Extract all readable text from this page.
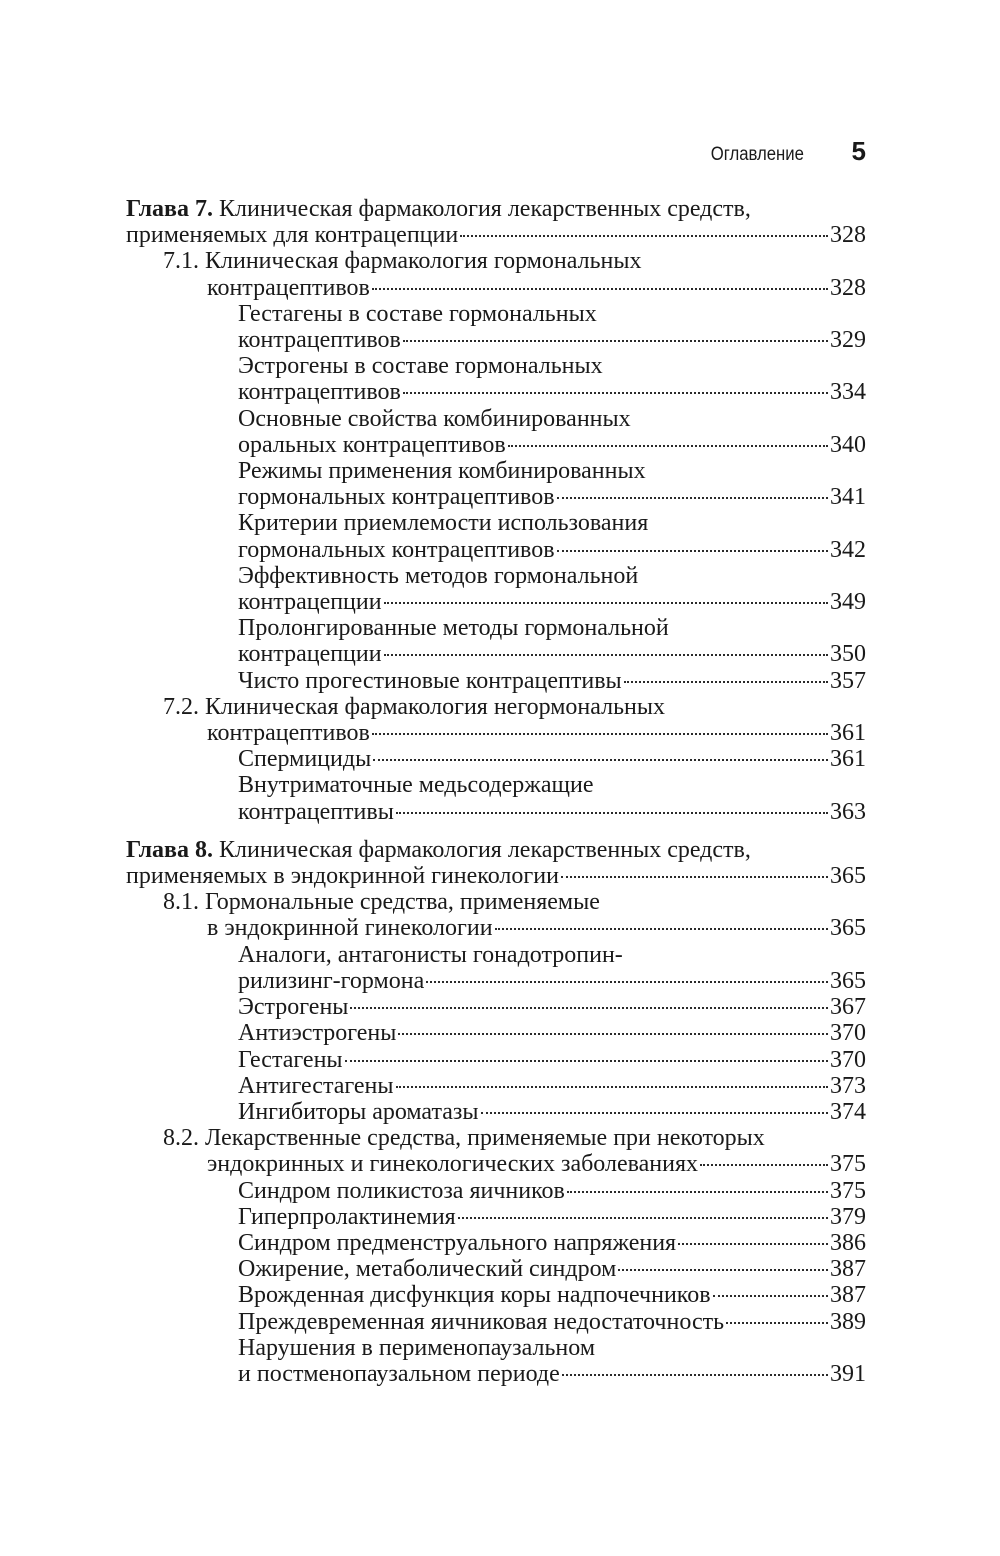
Оглавление 5
Глава 7. Клиническая фармакология лекарственных средств,
применяемых для контрацепции	328
7.1. Клиническая фармакология гормональных
контрацептивов	328
Гестагены в составе гормональных
контрацептивов	329
Эстрогены в составе гормональных
контрацептивов	334
Основные свойства комбинированных
оральных контрацептивов	340
Режимы применения комбинированных
гормональных контрацептивов	341
Критерии приемлемости использования
гормональных контрацептивов	342
Эффективность методов гормональной
контрацепции	349
Пролонгированные методы гормональной
контрацепции	350
Чисто прогестиновые контрацептивы	357
7.2. Клиническая фармакология негормональных
контрацептивов	361
Спермициды	361
Внутриматочные медьсодержащие
контрацептивы	363
Глава 8. Клиническая фармакология лекарственных средств,
применяемых в эндокринной гинекологии	365
8.1. Гормональные средства, применяемые
в эндокринной гинекологии	365
Аналоги, антагонисты гонадотропин-
рилизинг-гормона	365
Эстрогены	367
Антиэстрогены	370
Гестагены	370
Антигестагены	373
Ингибиторы ароматазы	374
8.2. Лекарственные средства, применяемые при некоторых
эндокринных и гинекологических заболеваниях	375
Синдром поликистоза яичников	375
Гиперпролактинемия	379
Синдром предменструального напряжения	386
Ожирение, метаболический синдром	387
Врожденная дисфункция коры надпочечников	387
Преждевременная яичниковая недостаточность	389
Нарушения в перименопаузальном
и постменопаузальном периоде	391
